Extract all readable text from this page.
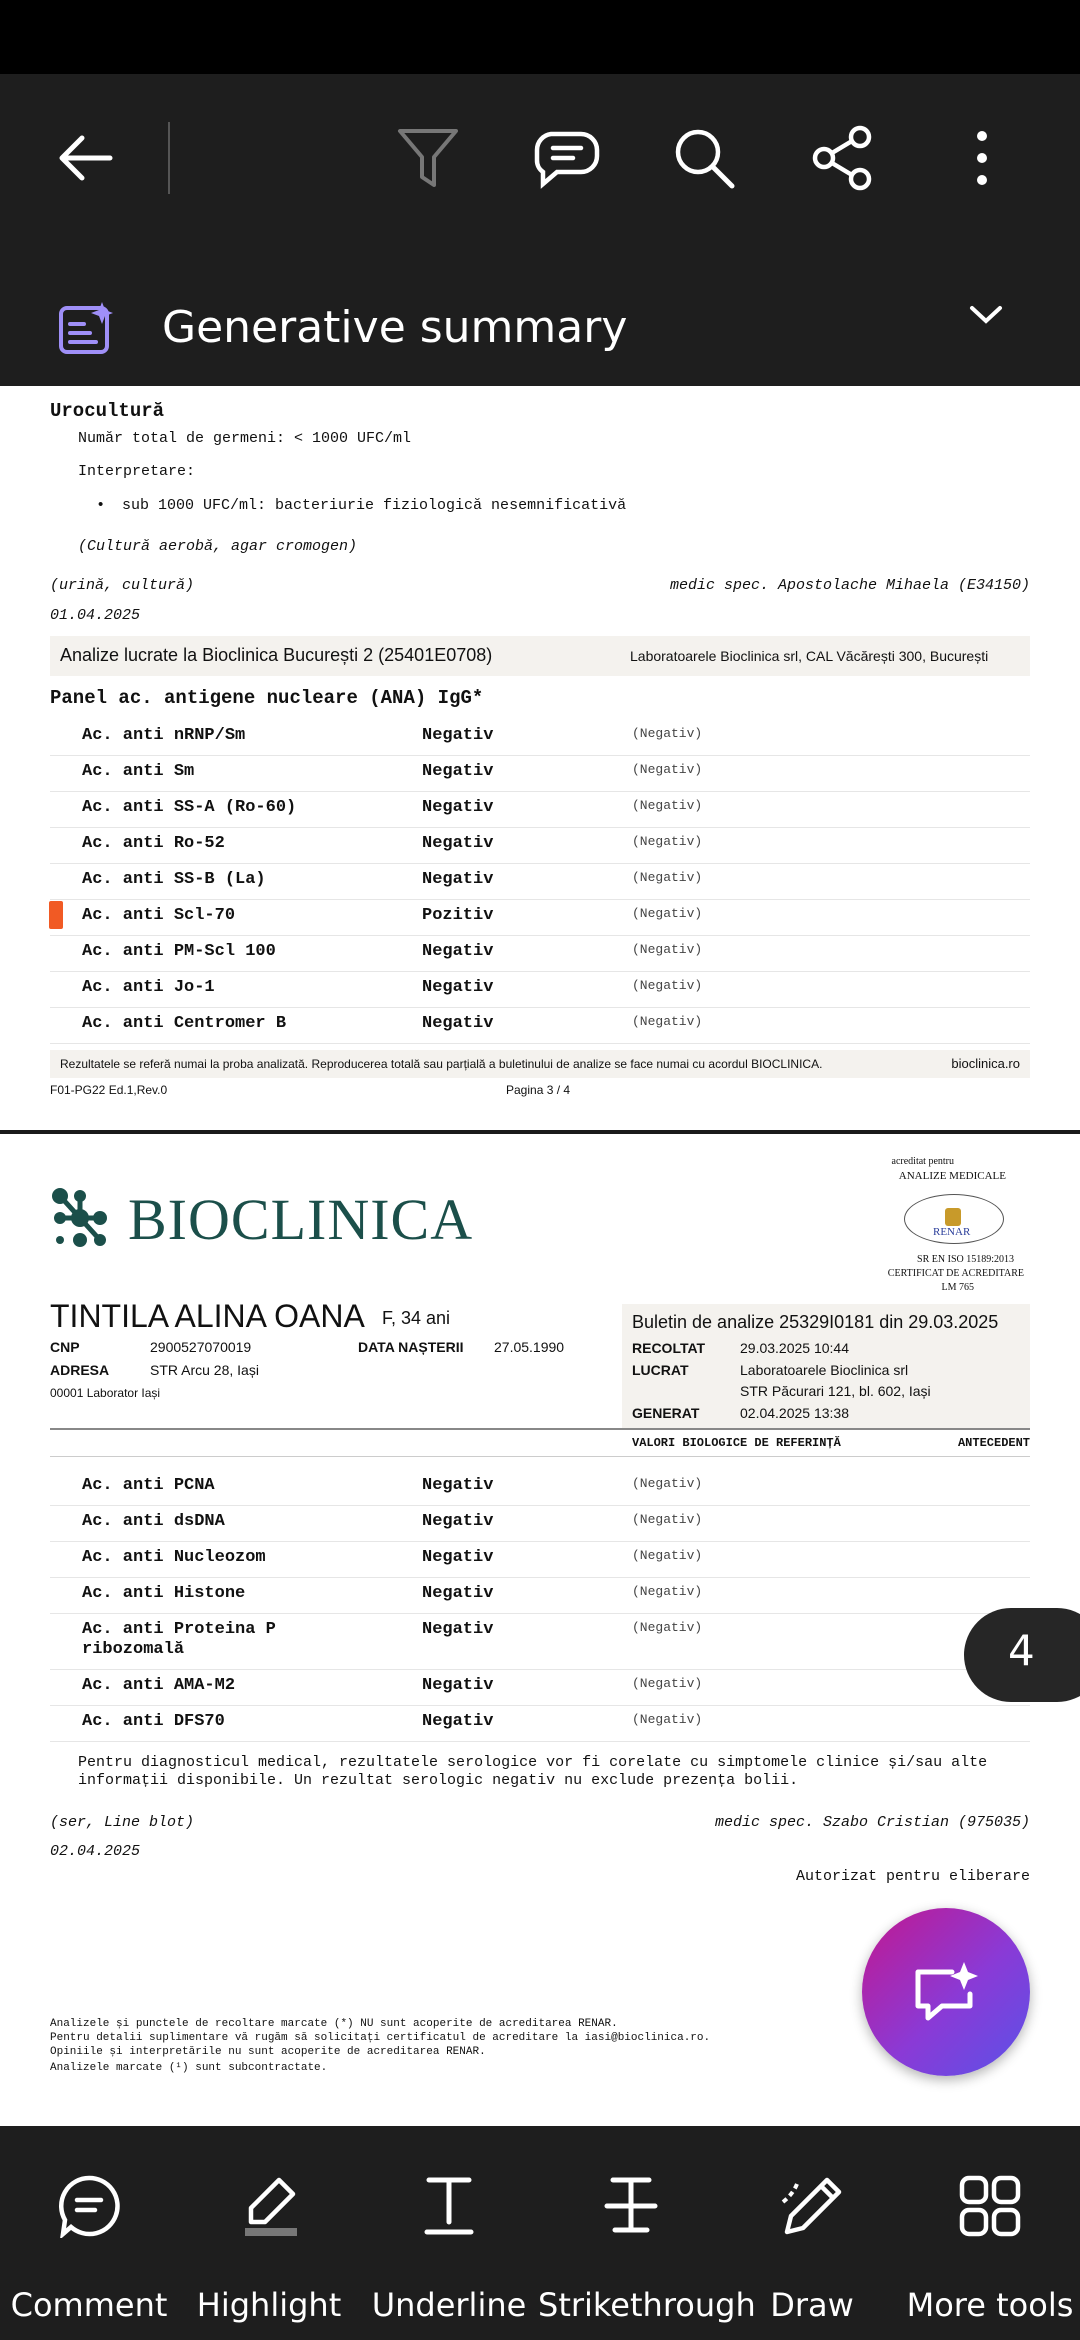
Generative summary
Urocultură
Număr total de germeni: < 1000 UFC/ml
Interpretare:
• sub 1000 UFC/ml: bacteriurie fiziologică nesemnificativă
(Cultură aerobă, agar cromogen)
(urină, cultură)	medic spec. Apostolache Mihaela (E34150)
01.04.2025
Analize lucrate la Bioclinica București 2 (25401E0708)	Laboratoarele Bioclinica srl, CAL Văcărești 300, București
Panel ac. antigene nucleare (ANA) IgG*
Rezultatele se referă numai la proba analizată. Reproducerea totală sau parțială a buletinului de analize se face numai cu acordul BIOCLINICA.	bioclinica.ro
F01-PG22 Ed.1,Rev.0	Pagina 3 / 4
Ac. anti nRNP/Sm	Negativ	(Negativ)
Ac. anti Sm	Negativ	(Negativ)
Ac. anti SS-A (Ro-60)	Negativ	(Negativ)
Ac. anti Ro-52	Negativ	(Negativ)
Ac. anti SS-B (La)	Negativ	(Negativ)
Ac. anti Scl-70	Pozitiv	(Negativ)
Ac. anti PM-Scl 100	Negativ	(Negativ)
Ac. anti Jo-1	Negativ	(Negativ)
Ac. anti Centromer B	Negativ	(Negativ)
BIOCLINICA
acreditat pentru
ANALIZE MEDICALE
RENAR
SR EN ISO 15189:2013
CERTIFICAT DE ACREDITARE
LM 765
TINTILA ALINA OANA F, 34 ani
CNP	2900527070019	DATA NAȘTERII 27.05.1990
ADRESA	STR Arcu 28, Iași
00001 Laborator Iași
Buletin de analize 25329I0181 din 29.03.2025
RECOLTAT 29.03.2025 10:44
LUCRAT	Laboratoarele Bioclinica srl
STR Păcurari 121, bl. 602, Iași
GENERAT	02.04.2025 13:38
VALORI BIOLOGICE DE REFERINȚĂ	ANTECEDENT
Pentru diagnosticul medical, rezultatele serologice vor fi corelate cu simptomele clinice și/sau alte
informații disponibile. Un rezultat serologic negativ nu exclude prezența bolii.
(ser, Line blot)	medic spec. Szabo Cristian (975035)
02.04.2025
Autorizat pentru eliberare
Analizele și punctele de recoltare marcate (*) NU sunt acoperite de acreditarea RENAR.
Pentru detalii suplimentare vă rugăm să solicitați certificatul de acreditare la iasi@bioclinica.ro.
Opiniile și interpretările nu sunt acoperite de acreditarea RENAR.
Analizele marcate (¹) sunt subcontractate.
Ac. anti PCNA	Negativ	(Negativ)
Ac. anti dsDNA	Negativ	(Negativ)
Ac. anti Nucleozom	Negativ	(Negativ)
Ac. anti Histone	Negativ	(Negativ)
Ac. anti Proteina P	Negativ	(Negativ)
ribozomală
Ac. anti AMA-M2	Negativ	(Negativ)
Ac. anti DFS70	Negativ	(Negativ)
4
Comment Highlight Underline Strikethrough Draw	More tools
